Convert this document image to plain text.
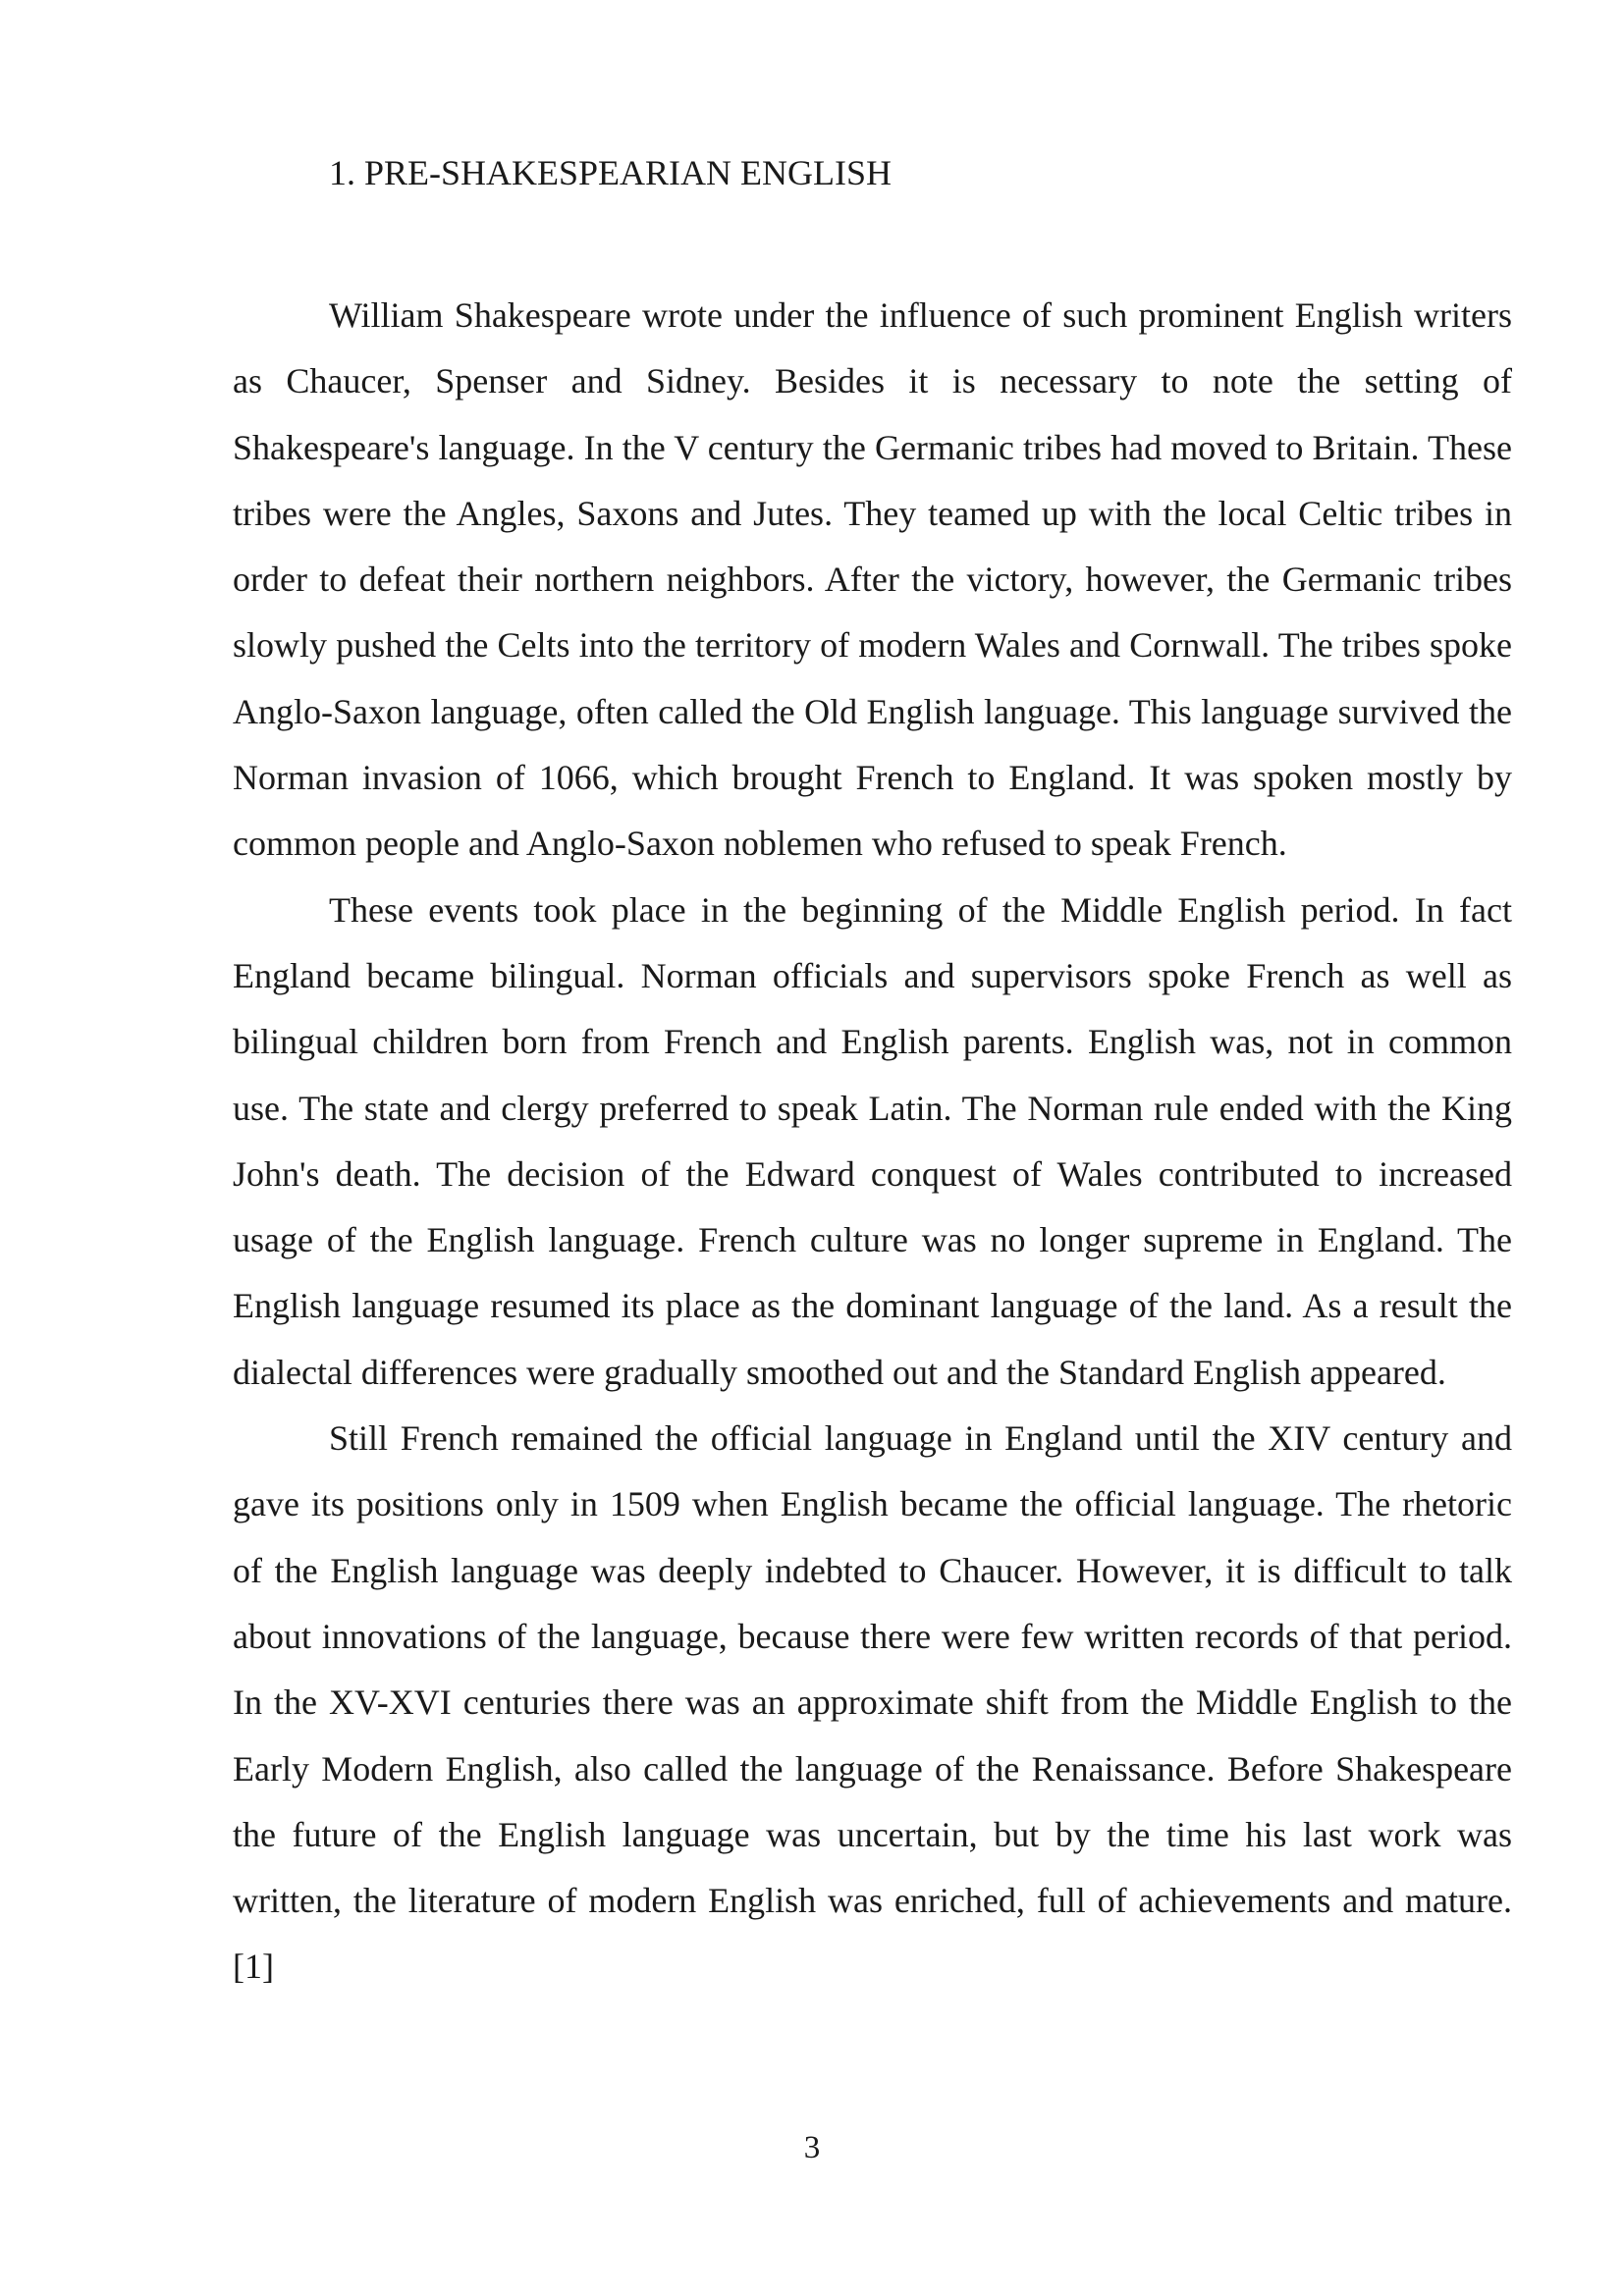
1. PRE-SHAKESPEARIAN ENGLISH

William Shakespeare wrote under the influence of such prominent English writers as Chaucer, Spenser and Sidney. Besides it is necessary to note the setting of Shakespeare's language. In the V century the Germanic tribes had moved to Britain. These tribes were the Angles, Saxons and Jutes. They teamed up with the local Celtic tribes in order to defeat their northern neighbors. After the victory, however, the Germanic tribes slowly pushed the Celts into the territory of modern Wales and Cornwall. The tribes spoke Anglo-Saxon language, often called the Old English language. This language survived the Norman invasion of 1066, which brought French to England. It was spoken mostly by common people and Anglo-Saxon noblemen who refused to speak French.

These events took place in the beginning of the Middle English period. In fact England became bilingual. Norman officials and supervisors spoke French as well as bilingual children born from French and English parents. English was, not in common use. The state and clergy preferred to speak Latin. The Norman rule ended with the King John's death. The decision of the Edward conquest of Wales contributed to increased usage of the English language. French culture was no longer supreme in England. The English language resumed its place as the dominant language of the land. As a result the dialectal differences were gradually smoothed out and the Standard English appeared.

Still French remained the official language in England until the XIV century and gave its positions only in 1509 when English became the official language. The rhetoric of the English language was deeply indebted to Chaucer. However, it is difficult to talk about innovations of the language, because there were few written records of that period. In the XV-XVI centuries there was an approximate shift from the Middle English to the Early Modern English, also called the language of the Renaissance. Before Shakespeare the future of the English language was uncertain, but by the time his last work was written, the literature of modern English was enriched, full of achievements and mature. [1]

3
